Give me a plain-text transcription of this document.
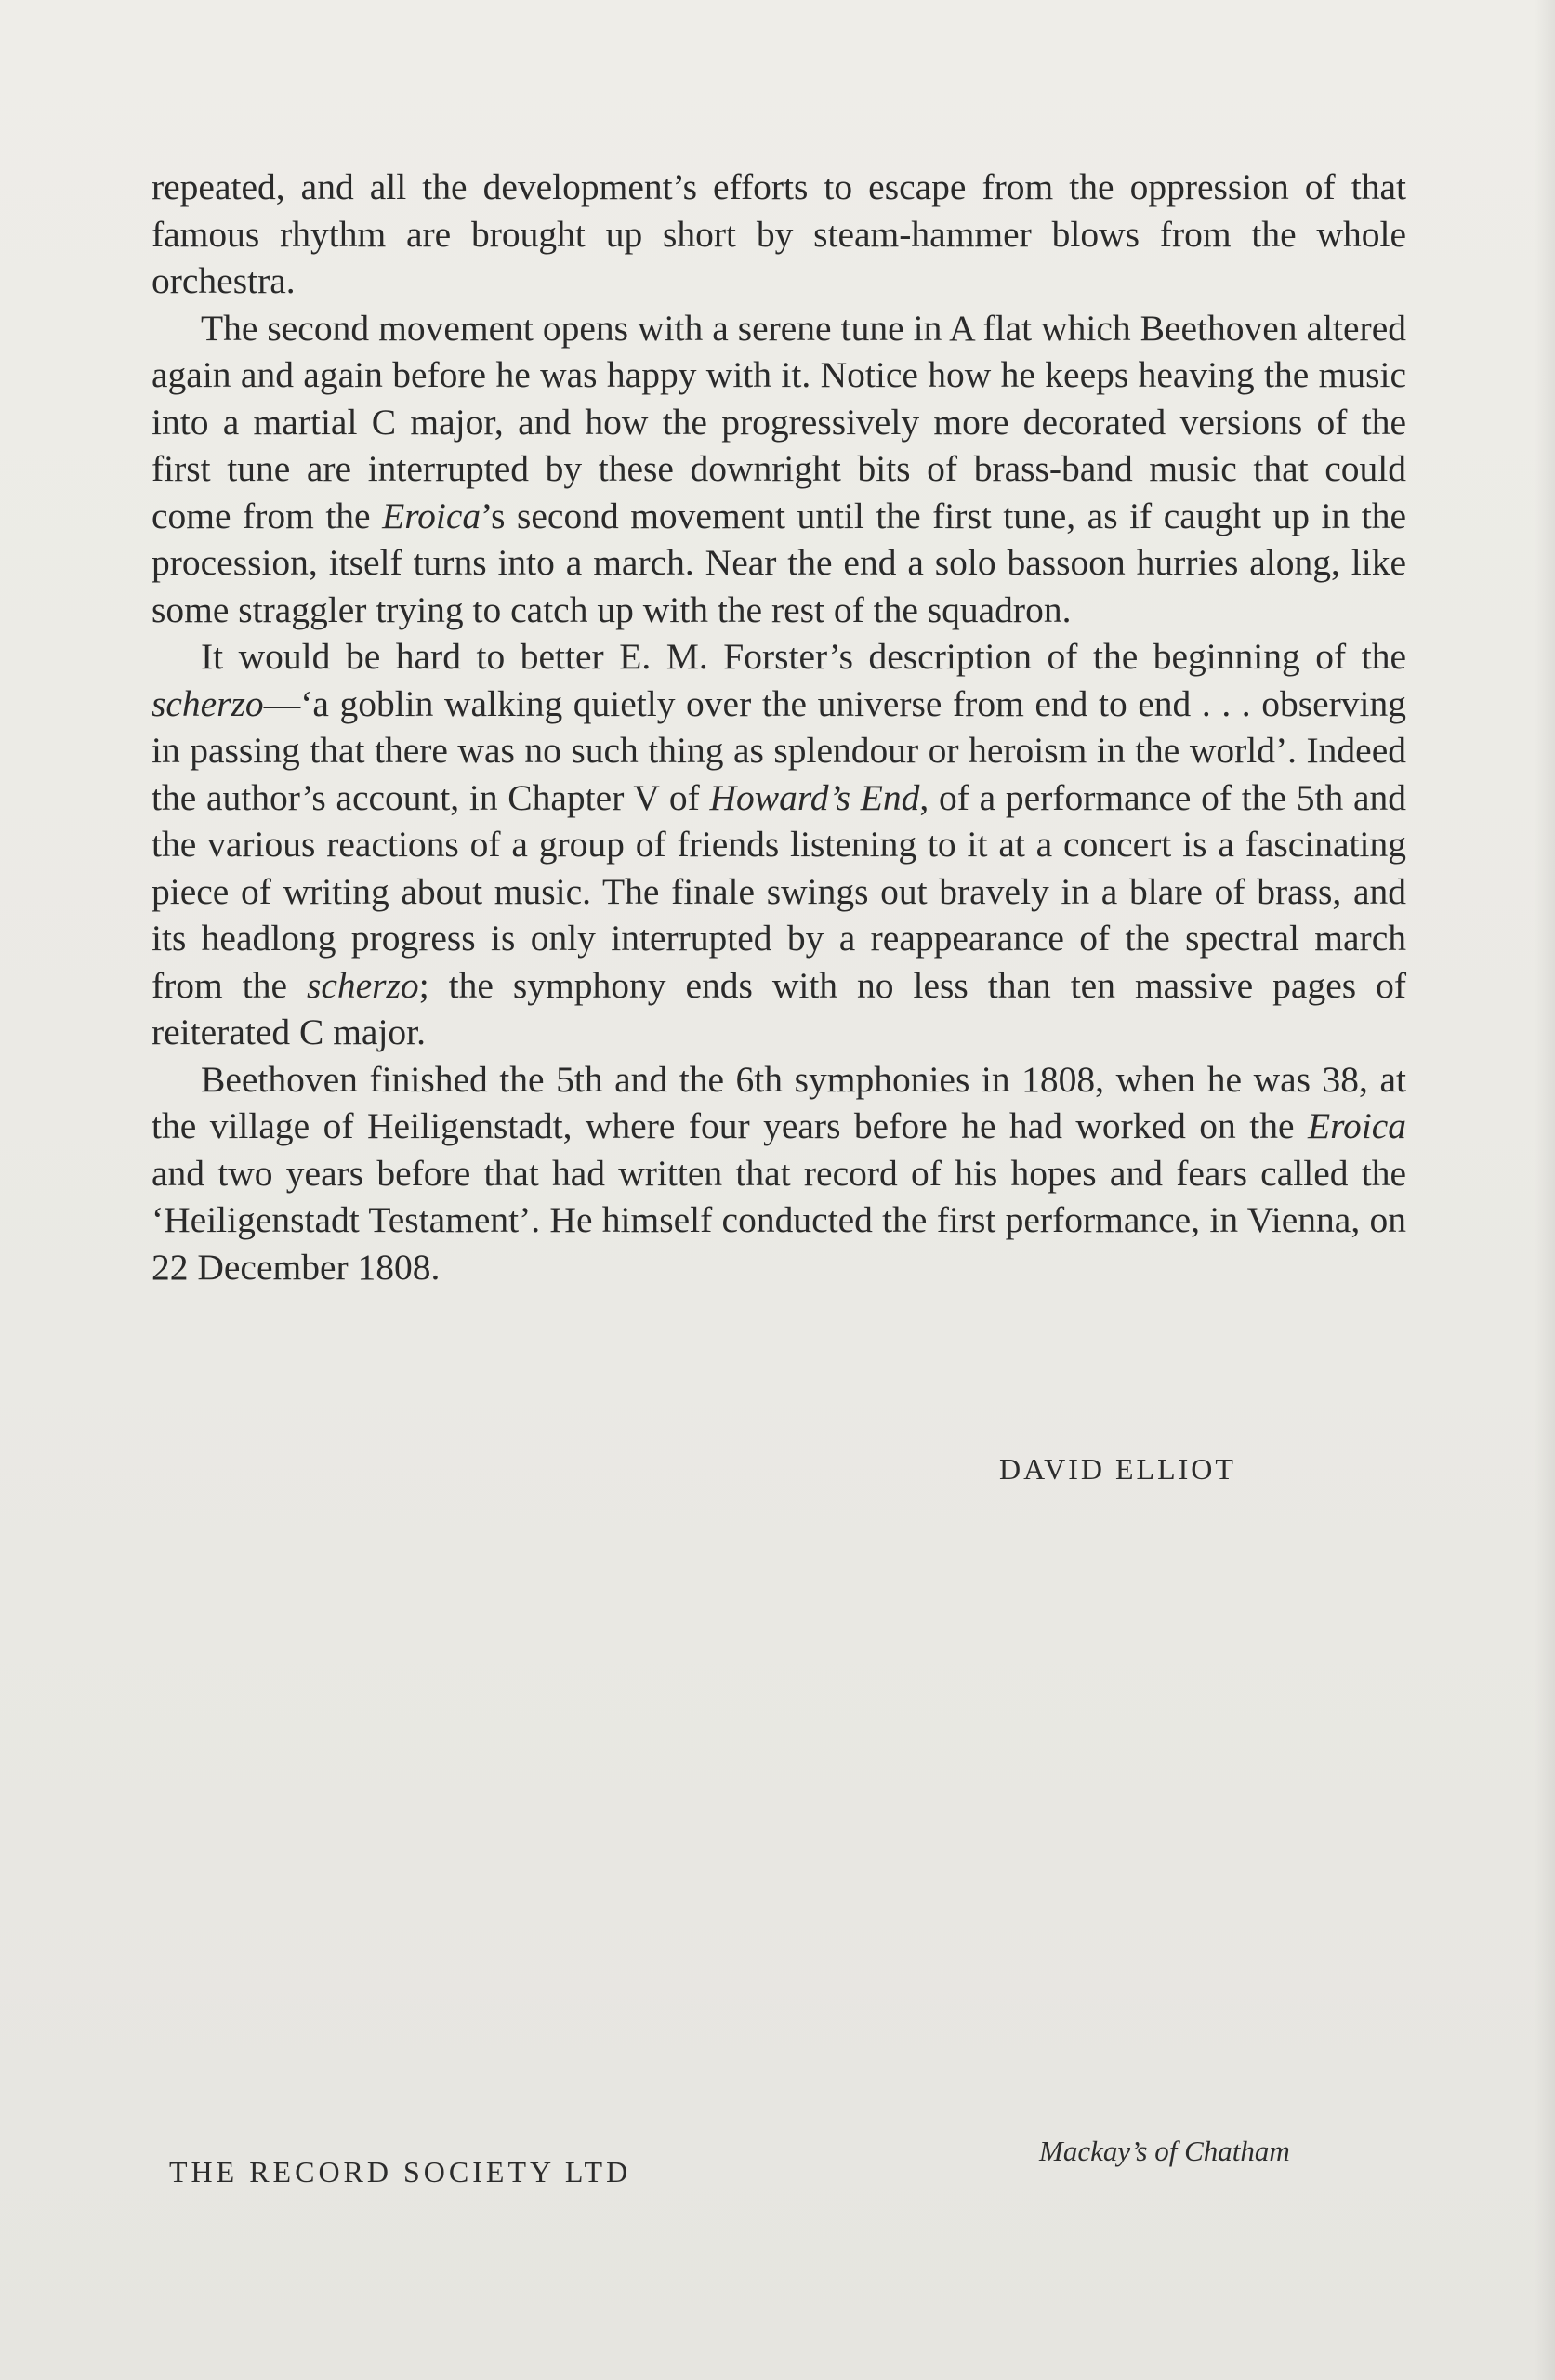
repeated, and all the development’s efforts to escape from the oppression of that famous rhythm are brought up short by steam-hammer blows from the whole orchestra.

The second movement opens with a serene tune in A flat which Beethoven altered again and again before he was happy with it. Notice how he keeps heaving the music into a martial C major, and how the progressively more decorated versions of the first tune are interrupted by these downright bits of brass-band music that could come from the Eroica’s second movement until the first tune, as if caught up in the procession, itself turns into a march. Near the end a solo bassoon hurries along, like some straggler trying to catch up with the rest of the squadron.

It would be hard to better E. M. Forster’s description of the beginning of the scherzo—‘a goblin walking quietly over the universe from end to end . . . observing in passing that there was no such thing as splendour or heroism in the world’. Indeed the author’s account, in Chapter V of Howard’s End, of a performance of the 5th and the various reactions of a group of friends listening to it at a concert is a fascinating piece of writing about music. The finale swings out bravely in a blare of brass, and its headlong progress is only interrupted by a reappearance of the spectral march from the scherzo; the symphony ends with no less than ten massive pages of reiterated C major.

Beethoven finished the 5th and the 6th symphonies in 1808, when he was 38, at the village of Heiligenstadt, where four years before he had worked on the Eroica and two years before that had written that record of his hopes and fears called the ‘Heiligenstadt Testament’. He himself conducted the first performance, in Vienna, on 22 December 1808.

DAVID ELLIOT
THE RECORD SOCIETY LTD
Mackay’s of Chatham
